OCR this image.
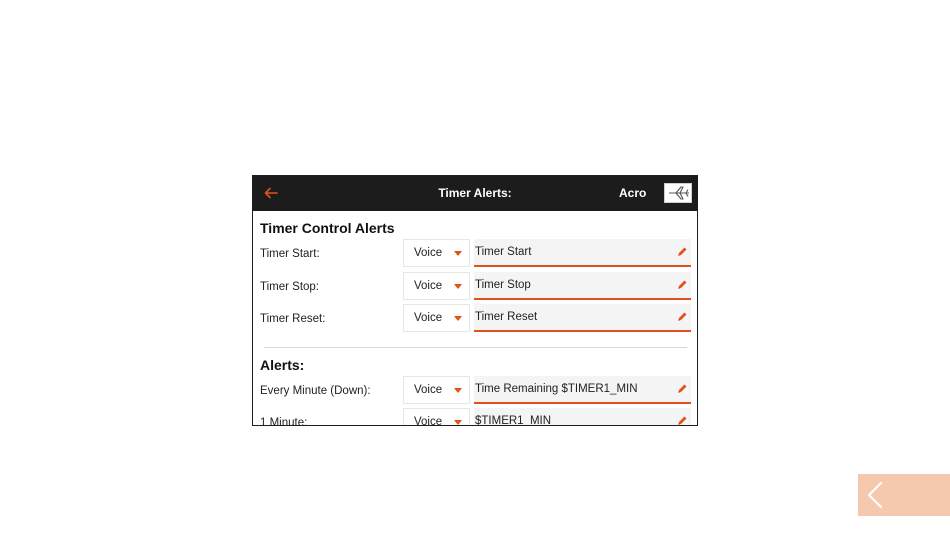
Timer Alerts:	Acro
Timer Control Alerts
Timer Start:	Voice	Timer Start
Timer Stop:	Voice	Timer Stop
Timer Reset:	Voice	Timer Reset
Alerts:
Every Minute (Down):	Voice	Time Remaining $TIMER1_MIN
1 Minute:	Voice	$TIMER1_MIN
